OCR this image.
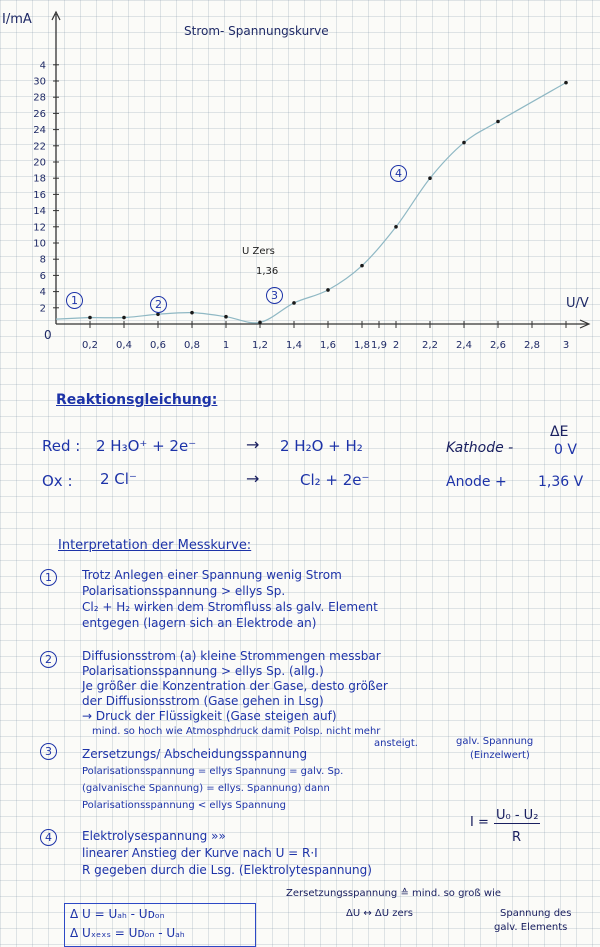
0,2 0,4 0,6 0,8 1 1,2 1,4 1,6 1,8 1,9 2 2,2 2,4 2,6 2,8 3
2
4
6
8
10
12
14
16
18
20
22
24
26
28
30
4
Strom- Spannungskurve
I/mA
U/V
0
U Zers
1,36
1	2
3
4
Reaktionsgleichung:
ΔE
Red : 2 H₃O⁺ + 2e⁻	→ 2 H₂O + H₂	Kathode -	0 V
Ox : 2 Cl⁻	→	Cl₂ + 2e⁻	Anode + 1,36 V
Interpretation der Messkurve:
1	Trotz Anlegen einer Spannung wenig Strom
Polarisationsspannung > ellys Sp.
Cl₂ + H₂ wirken dem Stromfluss als galv. Element
entgegen (lagern sich an Elektrode an)
2	Diffusionsstrom (a) kleine Strommengen messbar
Polarisationsspannung > ellys Sp. (allg.)
Je größer die Konzentration der Gase, desto größer
der Diffusionsstrom (Gase gehen in Lsg)
→ Druck der Flüssigkeit (Gase steigen auf)
mind. so hoch wie Atmosphdruck damit Polsp. nicht mehr
ansteigt.
3	Zersetzungs/ Abscheidungsspannung
Polarisationsspannung = ellys Spannung = galv. Sp.
(galvanische Spannung) = ellys. Spannung) dann
Polarisationsspannung < ellys Spannung
galv. Spannung
(Einzelwert)
I = U₀ - U₂
R
4	Elektrolysespannung »»
linearer Anstieg der Kurve nach U = R·I
R gegeben durch die Lsg. (Elektrolytespannung)
Zersetzungsspannung ≙ mind. so groß wie
ΔU ↔ ΔU zers	Spannung des
galv. Elements
Δ U = Uₐₕ - Uᴅₒₙ
Δ Uₓₑₓₛ = Uᴅₒₙ - Uₐₕ
